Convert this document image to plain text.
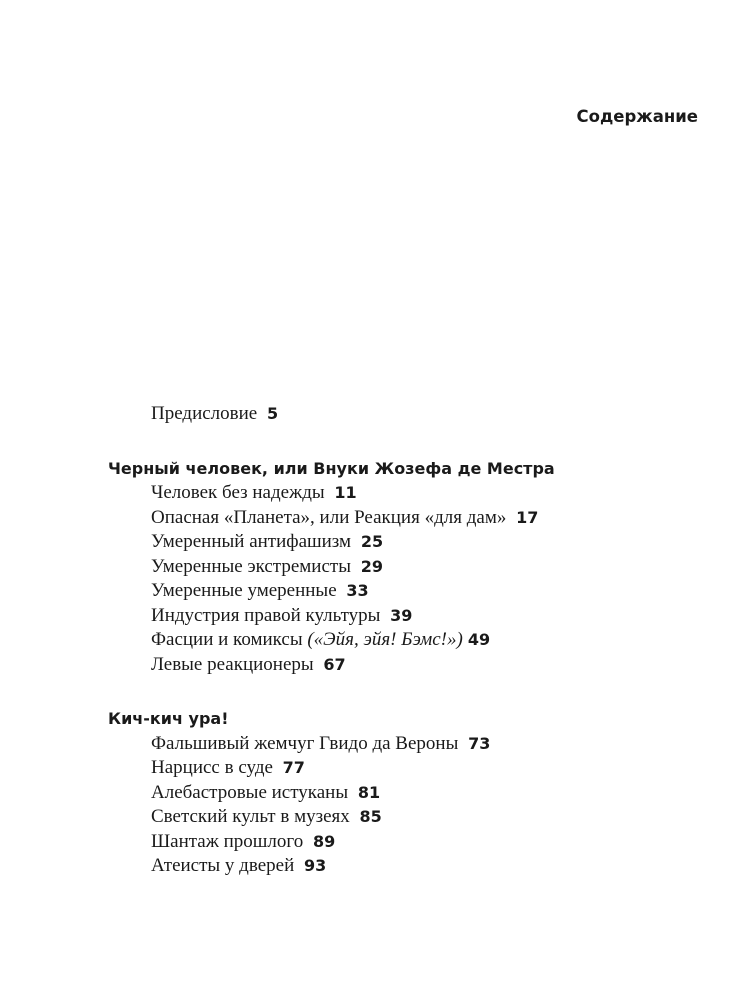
Содержание
Предисловие 5
Черный человек, или Внуки Жозефа де Местра
Человек без надежды 11
Опасная «Планета», или Реакция «для дам» 17
Умеренный антифашизм 25
Умеренные экстремисты 29
Умеренные умеренные 33
Индустрия правой культуры 39
Фасции и комиксы («Эйя, эйя! Бэмс!») 49
Левые реакционеры 67
Кич-кич ура!
Фальшивый жемчуг Гвидо да Вероны 73
Нарцисс в суде 77
Алебастровые истуканы 81
Светский культ в музеях 85
Шантаж прошлого 89
Атеисты у дверей 93
